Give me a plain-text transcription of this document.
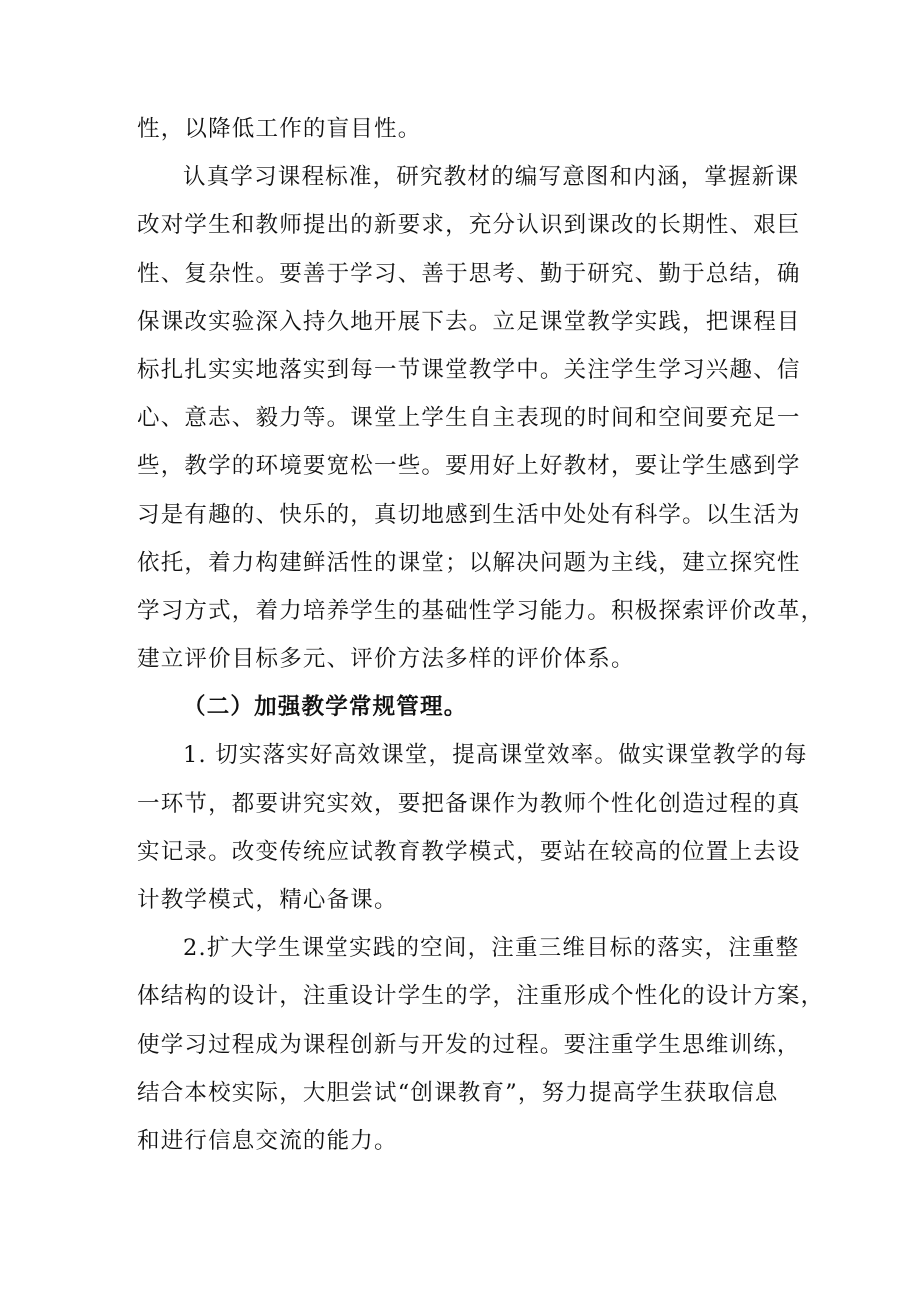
性，以降低工作的盲目性。
认真学习课程标准，研究教材的编写意图和内涵，掌握新课
改对学生和教师提出的新要求，充分认识到课改的长期性、艰巨
性、复杂性。要善于学习、善于思考、勤于研究、勤于总结，确
保课改实验深入持久地开展下去。立足课堂教学实践，把课程目
标扎扎实实地落实到每一节课堂教学中。关注学生学习兴趣、信
心、意志、毅力等。课堂上学生自主表现的时间和空间要充足一
些，教学的环境要宽松一些。要用好上好教材，要让学生感到学
习是有趣的、快乐的，真切地感到生活中处处有科学。以生活为
依托，着力构建鲜活性的课堂；以解决问题为主线，建立探究性
学习方式，着力培养学生的基础性学习能力。积极探索评价改革，
建立评价目标多元、评价方法多样的评价体系。
（二）加强教学常规管理。
1. 切实落实好高效课堂，提高课堂效率。做实课堂教学的每
一环节，都要讲究实效，要把备课作为教师个性化创造过程的真
实记录。改变传统应试教育教学模式，要站在较高的位置上去设
计教学模式，精心备课。
2.扩大学生课堂实践的空间，注重三维目标的落实，注重整
体结构的设计，注重设计学生的学，注重形成个性化的设计方案，
使学习过程成为课程创新与开发的过程。要注重学生思维训练，
结合本校实际，大胆尝试“创课教育”，努力提高学生获取信息
和进行信息交流的能力。
